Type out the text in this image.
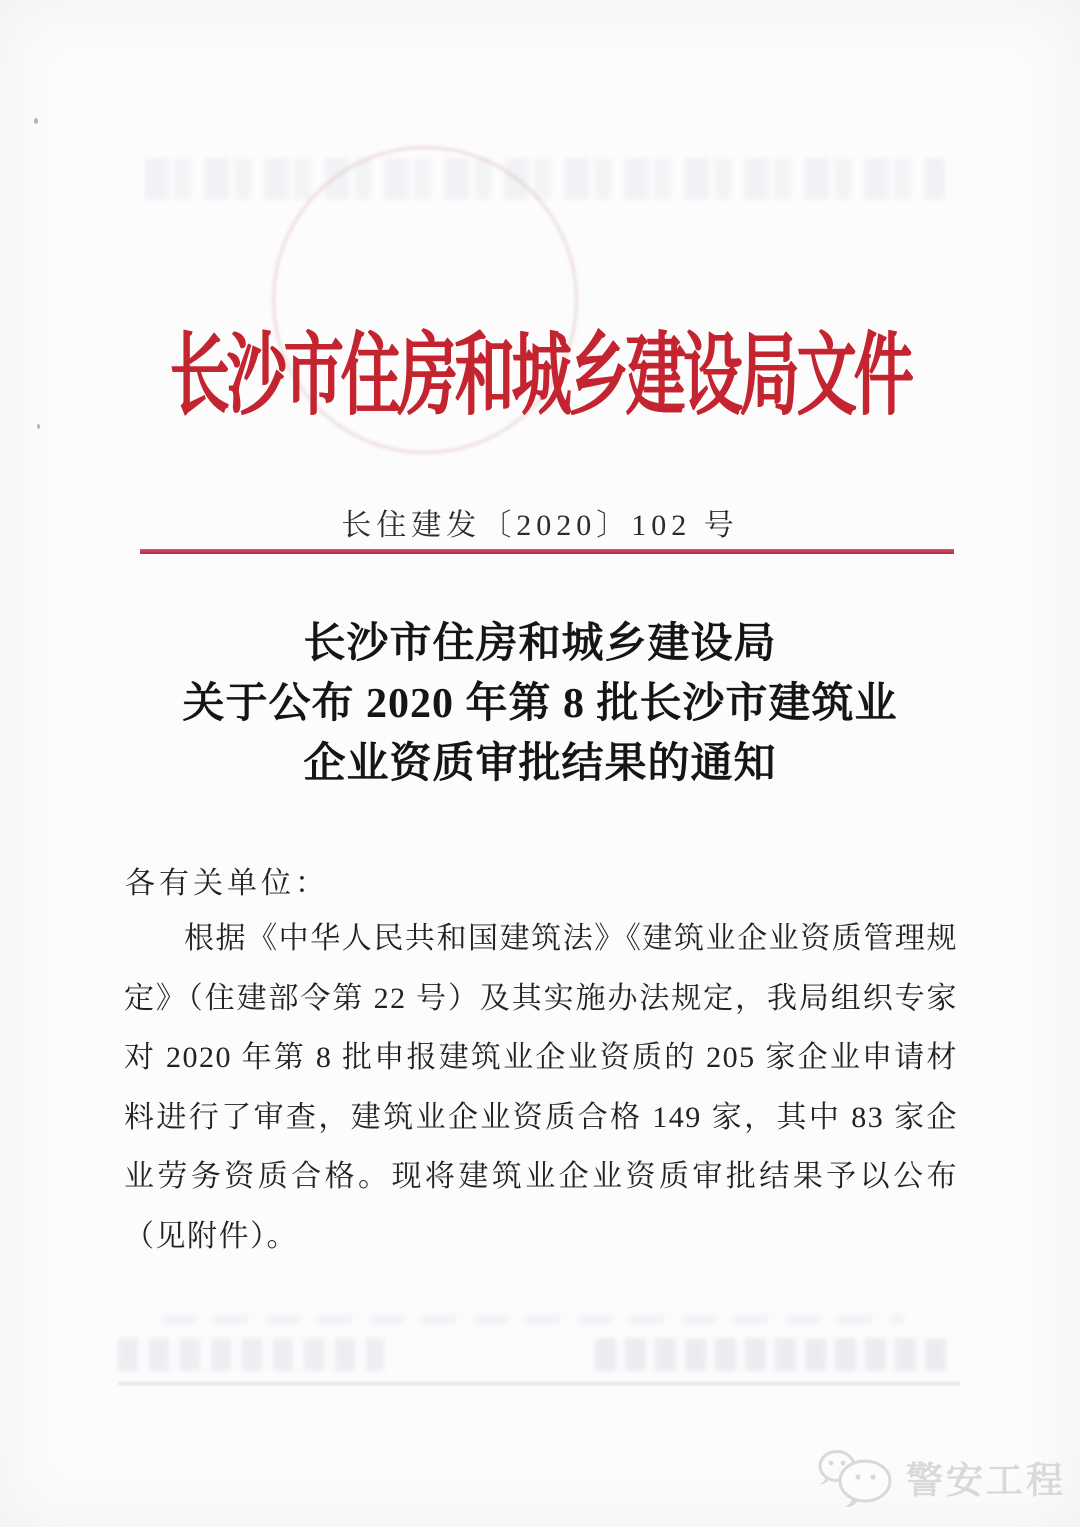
长沙市住房和城乡建设局文件
长住建发〔2020〕102 号
长沙市住房和城乡建设局
关于公布 2020 年第 8 批长沙市建筑业
企业资质审批结果的通知
各有关单位：

根据《中华人民共和国建筑法》《建筑业企业资质管理规定》（住建部令第 22 号）及其实施办法规定，我局组织专家对 2020 年第 8 批申报建筑业企业资质的 205 家企业申请材料进行了审查，建筑业企业资质合格 149 家，其中 83 家企业劳务资质合格。现将建筑业企业资质审批结果予以公布（见附件）。

警安工程
